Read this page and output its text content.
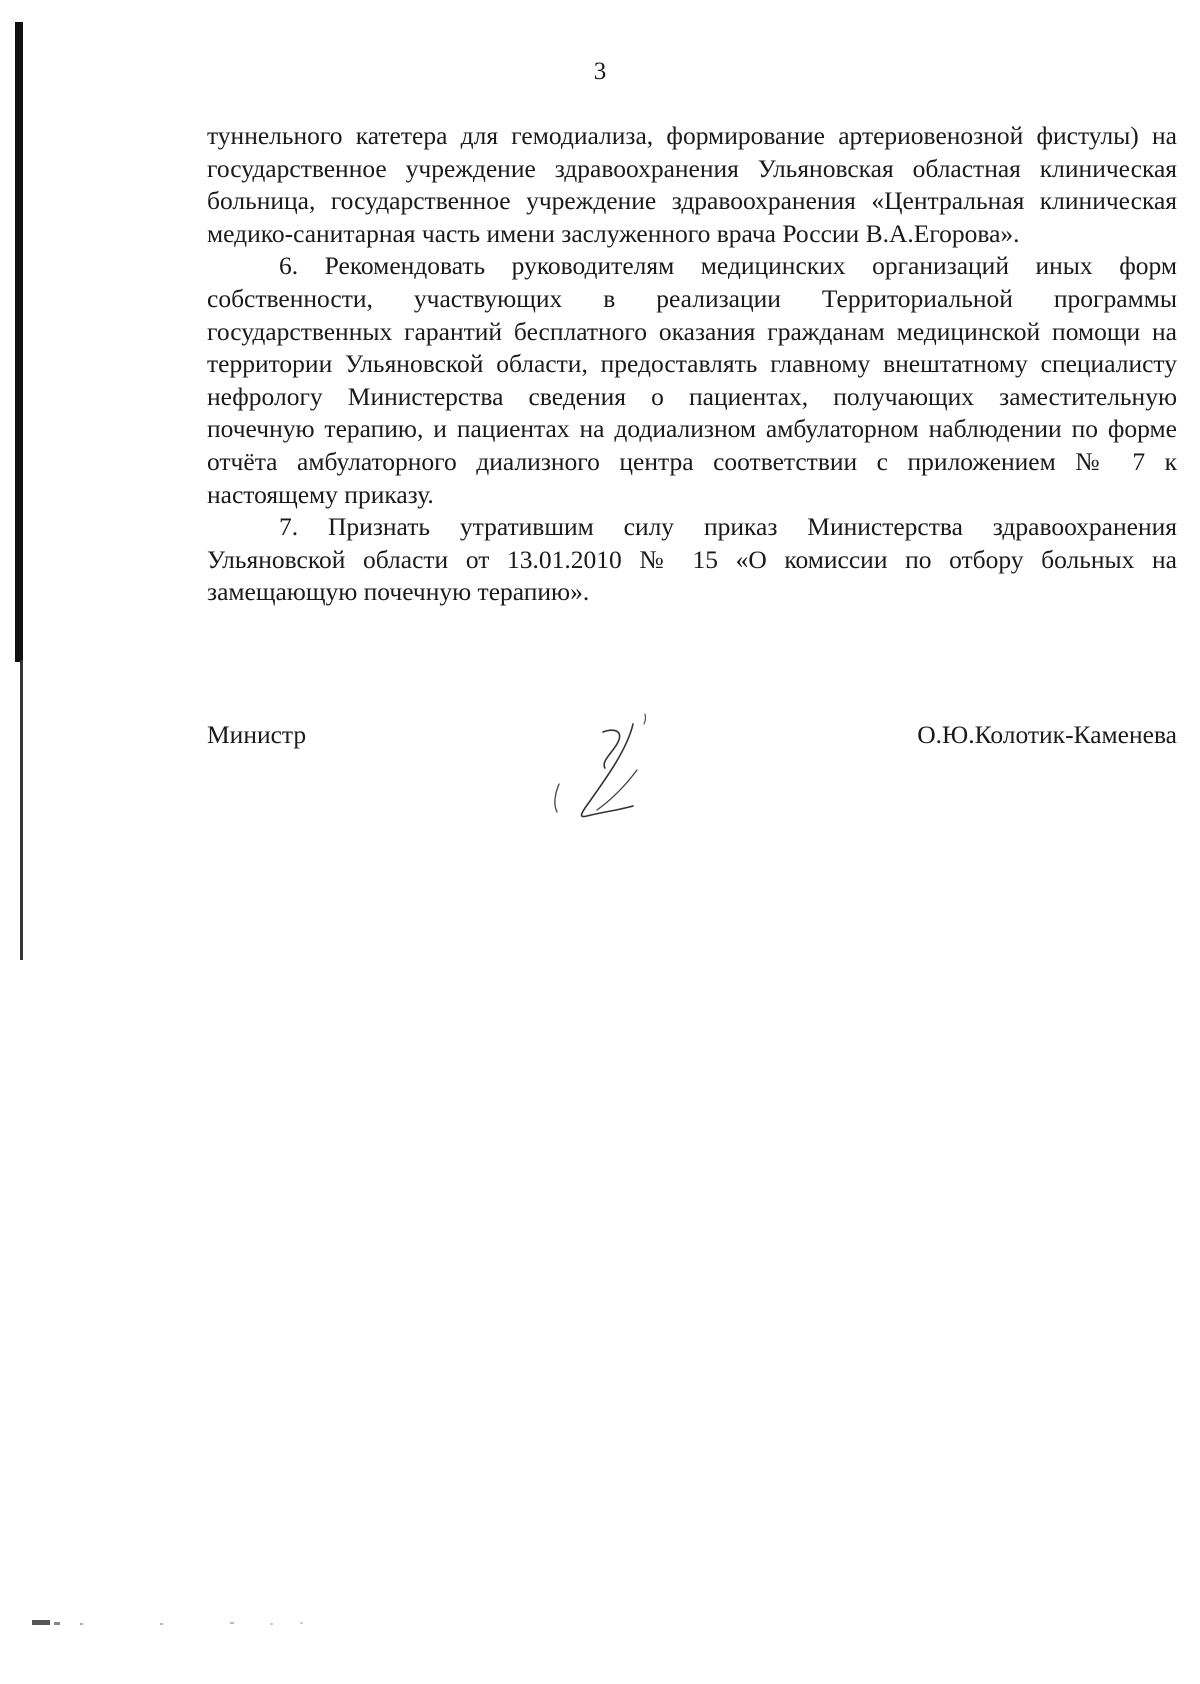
3

туннельного катетера для гемодиализа, формирование артериовенозной фистулы) на государственное учреждение здравоохранения Ульяновская областная клиническая больница, государственное учреждение здравоохранения «Центральная клиническая медико-санитарная часть имени заслуженного врача России В.А.Егорова».

6. Рекомендовать руководителям медицинских организаций иных форм собственности, участвующих в реализации Территориальной программы государственных гарантий бесплатного оказания гражданам медицинской помощи на территории Ульяновской области, предоставлять главному внештатному специалисту нефрологу Министерства сведения о пациентах, получающих заместительную почечную терапию, и пациентах на додиализном амбулаторном наблюдении по форме отчёта амбулаторного диализного центра соответствии с приложением № 7 к настоящему приказу.

7. Признать утратившим силу приказ Министерства здравоохранения Ульяновской области от 13.01.2010 № 15 «О комиссии по отбору больных на замещающую почечную терапию».

Министр	О.Ю.Колотик-Каменева
